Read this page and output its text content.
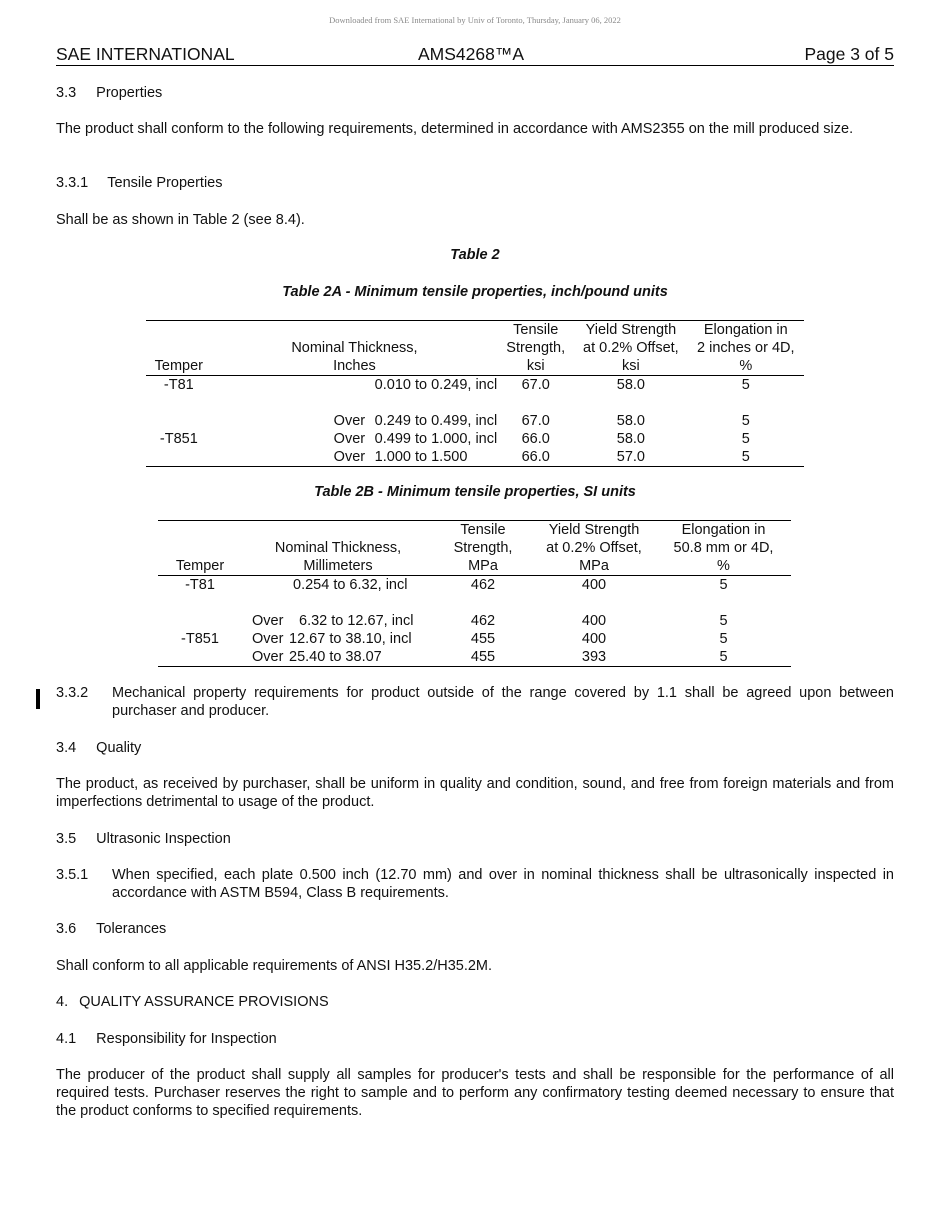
Downloaded from SAE International by Univ of Toronto, Thursday, January 06, 2022
SAE INTERNATIONAL	AMS4268™A	Page 3 of 5
3.3 Properties
The product shall conform to the following requirements, determined in accordance with AMS2355 on the mill produced size.
3.3.1 Tensile Properties
Shall be as shown in Table 2 (see 8.4).
Table 2
Table 2A - Minimum tensile properties, inch/pound units
		Tensile	Yield Strength	Elongation in
	Nominal Thickness,	Strength,	at 0.2% Offset,	2 inches or 4D,
Temper	Inches	ksi	ksi	%
-T81	0.010 to 0.249, incl	67.0	58.0	5

	Over 0.249 to 0.499, incl	67.0	58.0	5
-T851	Over 0.499 to 1.000, incl	66.0	58.0	5
	Over 1.000 to 1.500	66.0	57.0	5
Table 2B - Minimum tensile properties, SI units
		Tensile	Yield Strength	Elongation in
	Nominal Thickness,	Strength,	at 0.2% Offset,	50.8 mm or 4D,
Temper	Millimeters	MPa	MPa	%
-T81	0.254 to 6.32, incl	462	400	5

	Over 6.32 to 12.67, incl	462	400	5
-T851	Over 12.67 to 38.10, incl	455	400	5
	Over 25.40 to 38.07	455	393	5
3.3.2 Mechanical property requirements for product outside of the range covered by 1.1 shall be agreed upon between purchaser and producer.
3.4 Quality
The product, as received by purchaser, shall be uniform in quality and condition, sound, and free from foreign materials and from imperfections detrimental to usage of the product.
3.5 Ultrasonic Inspection
3.5.1 When specified, each plate 0.500 inch (12.70 mm) and over in nominal thickness shall be ultrasonically inspected in accordance with ASTM B594, Class B requirements.
3.6 Tolerances
Shall conform to all applicable requirements of ANSI H35.2/H35.2M.
4. QUALITY ASSURANCE PROVISIONS
4.1 Responsibility for Inspection
The producer of the product shall supply all samples for producer's tests and shall be responsible for the performance of all required tests. Purchaser reserves the right to sample and to perform any confirmatory testing deemed necessary to ensure that the product conforms to specified requirements.
